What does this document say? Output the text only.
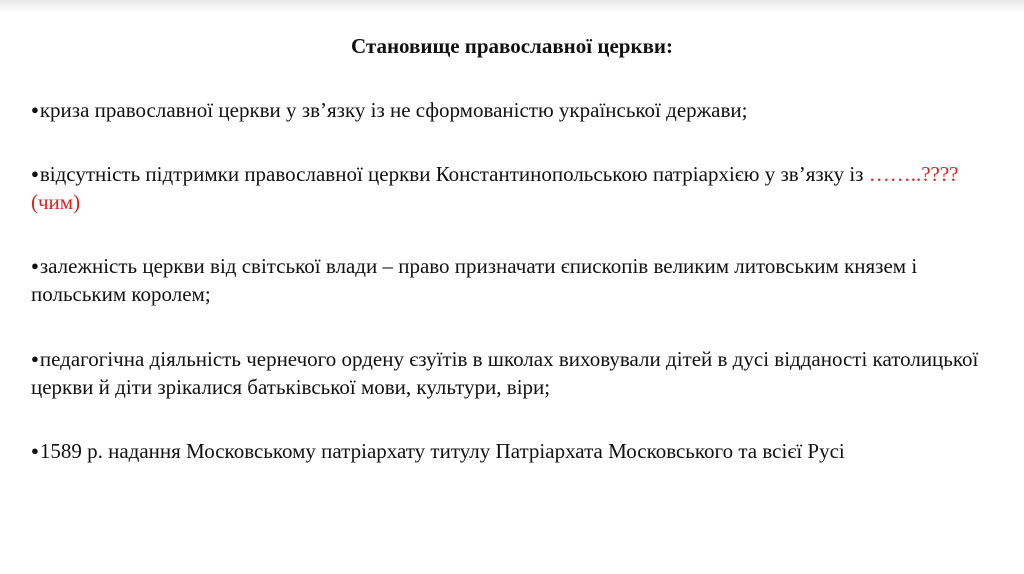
Становище православної церкви:
●криза православної церкви у зв’язку із не сформованістю української держави;
●відсутність підтримки православної церкви Константинопольською патріархією у зв’язку із ……..???? (чим)
●залежність церкви від світської влади – право призначати єпископів великим литовським князем і польським королем;
●педагогічна діяльність чернечого ордену єзуїтів в школах виховували дітей в дусі відданості католицької церкви й діти зрікалися батьківської мови, культури, віри;
●1589 р. надання Московському патріархату титулу Патріархата Московського та всієї Русі
